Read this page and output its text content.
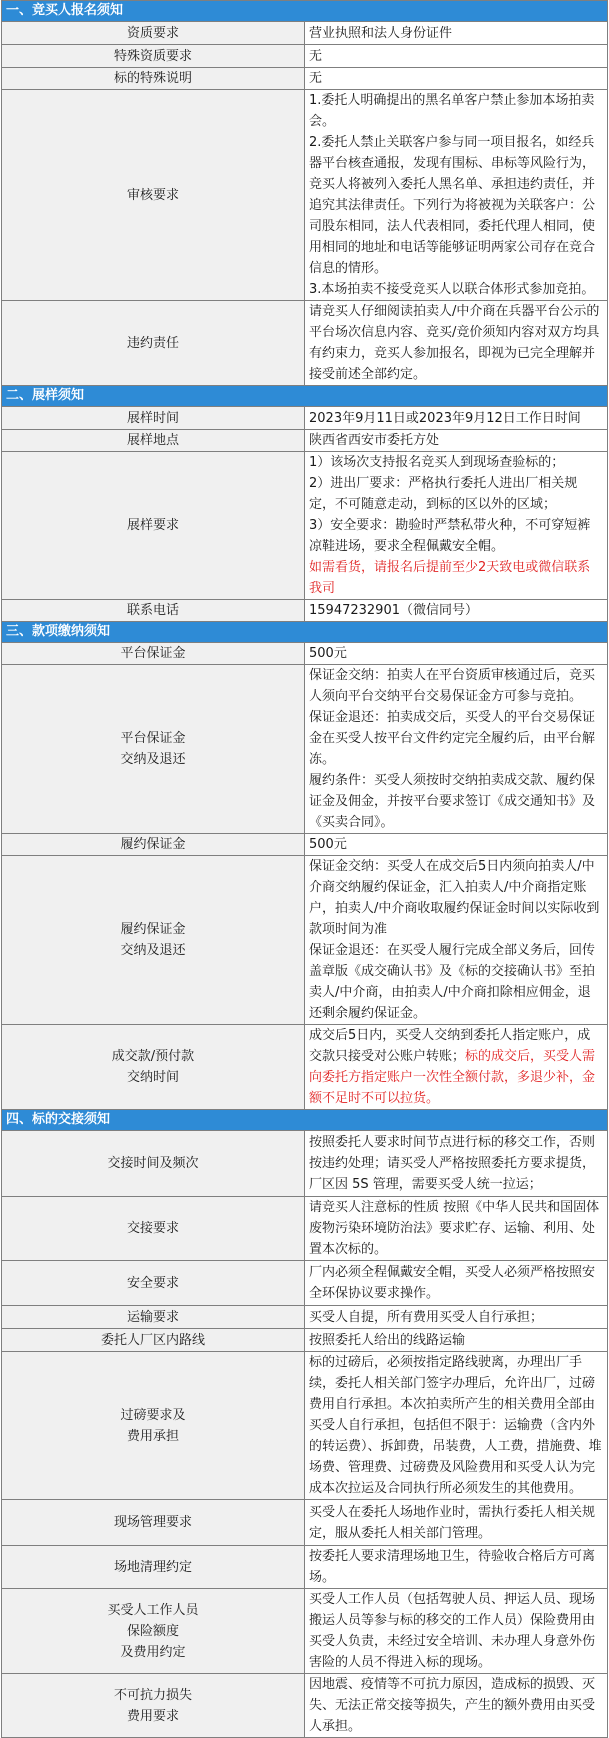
一、竞买人报名须知	
资质要求	营业执照和法人身份证件
特殊资质要求	无
标的特殊说明	无
审核要求	1.委托人明确提出的黑名单客户禁止参加本场拍卖会。
2.委托人禁止关联客户参与同一项目报名，如经兵器平台核查通报，发现有围标、串标等风险行为，竞买人将被列入委托人黑名单、承担违约责任，并追究其法律责任。下列行为将被视为关联客户：公司股东相同，法人代表相同，委托代理人相同，使用相同的地址和电话等能够证明两家公司存在竞合信息的情形。
3.本场拍卖不接受竞买人以联合体形式参加竞拍。

违约责任	请竞买人仔细阅读拍卖人/中介商在兵器平台公示的平台场次信息内容、竞买/竞价须知内容对双方均具有约束力，竞买人参加报名，即视为已完全理解并接受前述全部约定。
二、展样须知	
展样时间	2023年9月11日或2023年9月12日工作日时间
展样地点	陕西省西安市委托方处
展样要求	1）该场次支持报名竞买人到现场查验标的；
2）进出厂要求：严格执行委托人进出厂相关规定，不可随意走动，到标的区以外的区域；
3）安全要求：勘验时严禁私带火种，不可穿短裤凉鞋进场，要求全程佩戴安全帽。
如需看货，请报名后提前至少2天致电或微信联系我司

联系电话	15947232901（微信同号）
三、款项缴纳须知	
平台保证金	500元

平台保证金
交纳及退还	保证金交纳：拍卖人在平台资质审核通过后，竞买人须向平台交纳平台交易保证金方可参与竞拍。
保证金退还：拍卖成交后，买受人的平台交易保证金在买受人按平台文件约定完全履约后，由平台解冻。
履约条件：买受人须按时交纳拍卖成交款、履约保证金及佣金，并按平台要求签订《成交通知书》及《买卖合同》。

履约保证金	500元

履约保证金
交纳及退还	保证金交纳：买受人在成交后5日内须向拍卖人/中介商交纳履约保证金，汇入拍卖人/中介商指定账户，拍卖人/中介商收取履约保证金时间以实际收到款项时间为准
保证金退还：在买受人履行完成全部义务后，回传盖章版《成交确认书》及《标的交接确认书》至拍卖人/中介商，由拍卖人/中介商扣除相应佣金，退还剩余履约保证金。

成交款/预付款
交纳时间	成交后5日内，买受人交纳到委托人指定账户，成交款只接受对公账户转账；标的成交后，买受人需向委托方指定账户一次性全额付款，多退少补，金额不足时不可以拉货。
四、标的交接须知	
交接时间及频次	按照委托人要求时间节点进行标的移交工作，否则按违约处理；请买受人严格按照委托方要求提货，厂区因 5S 管理，需要买受人统一拉运；
交接要求	请竞买人注意标的性质 按照《中华人民共和国固体废物污染环境防治法》要求贮存、运输、利用、处置本次标的。
安全要求	厂内必须全程佩戴安全帽，买受人必须严格按照安全环保协议要求操作。
运输要求	买受人自提，所有费用买受人自行承担；
委托人厂区内路线	按照委托人给出的线路运输

过磅要求及
费用承担	标的过磅后，必须按指定路线驶离，办理出厂手续，委托人相关部门签字办理后，允许出厂，过磅费用自行承担。本次拍卖所产生的相关费用全部由买受人自行承担，包括但不限于：运输费（含内外的转运费）、拆卸费，吊装费，人工费，措施费、堆场费、管理费、过磅费及风险费用和买受人认为完成本次拉运及合同执行所必须发生的其他费用。
现场管理要求	买受人在委托人场地作业时，需执行委托人相关规定，服从委托人相关部门管理。
场地清理约定	按委托人要求清理场地卫生，待验收合格后方可离场。

买受人工作人员
保险额度
及费用约定	买受人工作人员（包括驾驶人员、押运人员、现场搬运人员等参与标的移交的工作人员）保险费用由买受人负责，未经过安全培训、未办理人身意外伤害险的人员不得进入标的现场。

不可抗力损失
费用要求	因地震、疫情等不可抗力原因，造成标的损毁、灭失、无法正常交接等损失，产生的额外费用由买受人承担。
